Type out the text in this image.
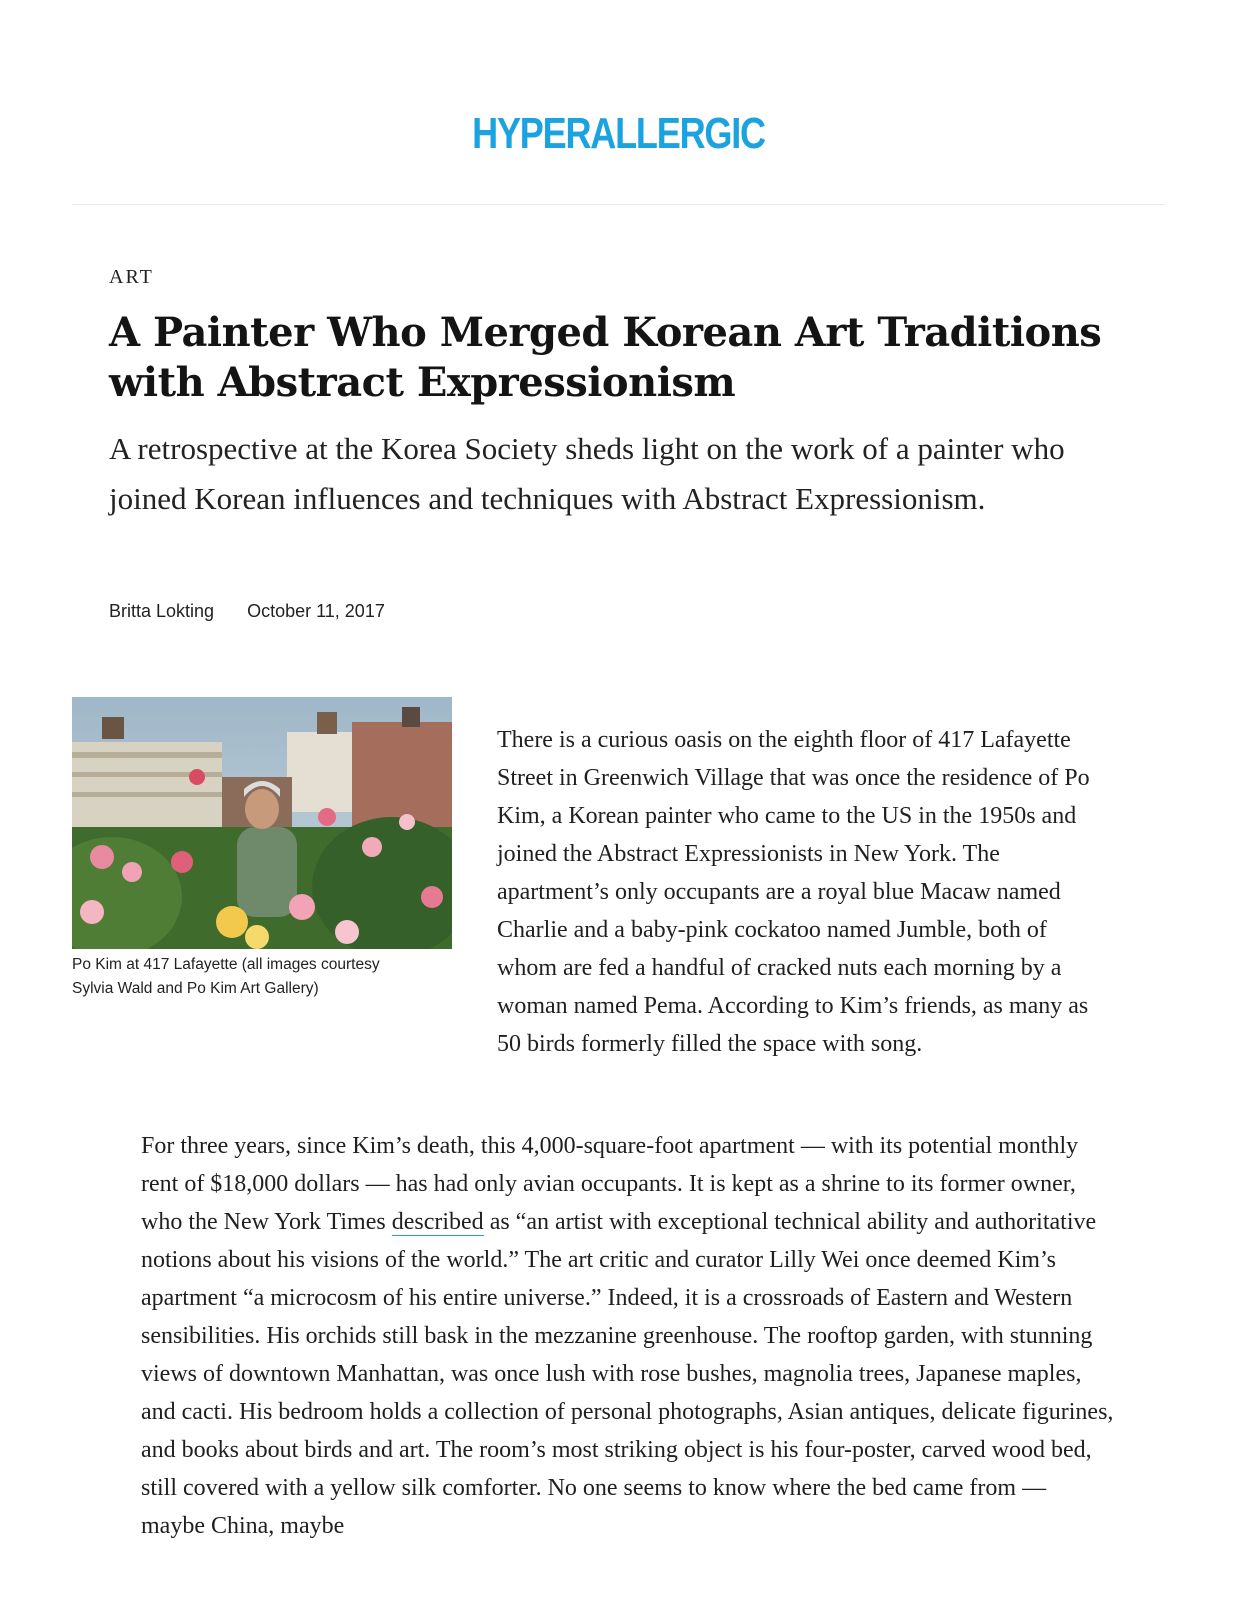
HYPERALLERGIC
ART
A Painter Who Merged Korean Art Traditions with Abstract Expressionism

A retrospective at the Korea Society sheds light on the work of a painter who joined Korean influences and techniques with Abstract Expressionism.

Britta Lokting October 11, 2017
Po Kim at 417 Lafayette (all images courtesy Sylvia Wald and Po Kim Art Gallery)

There is a curious oasis on the eighth floor of 417 Lafayette Street in Greenwich Village that was once the residence of Po Kim, a Korean painter who came to the US in the 1950s and joined the Abstract Expressionists in New York. The apartment’s only occupants are a royal blue Macaw named Charlie and a baby-pink cockatoo named Jumble, both of whom are fed a handful of cracked nuts each morning by a woman named Pema. According to Kim’s friends, as many as 50 birds formerly filled the space with song.

For three years, since Kim’s death, this 4,000-square-foot apartment — with its potential monthly rent of $18,000 dollars — has had only avian occupants. It is kept as a shrine to its former owner, who the New York Times described as “an artist with exceptional technical ability and authoritative notions about his visions of the world.” The art critic and curator Lilly Wei once deemed Kim’s apartment “a microcosm of his entire universe.” Indeed, it is a crossroads of Eastern and Western sensibilities. His orchids still bask in the mezzanine greenhouse. The rooftop garden, with stunning views of downtown Manhattan, was once lush with rose bushes, magnolia trees, Japanese maples, and cacti. His bedroom holds a collection of personal photographs, Asian antiques, delicate figurines, and books about birds and art. The room’s most striking object is his four-poster, carved wood bed, still covered with a yellow silk comforter. No one seems to know where the bed came from — maybe China, maybe
